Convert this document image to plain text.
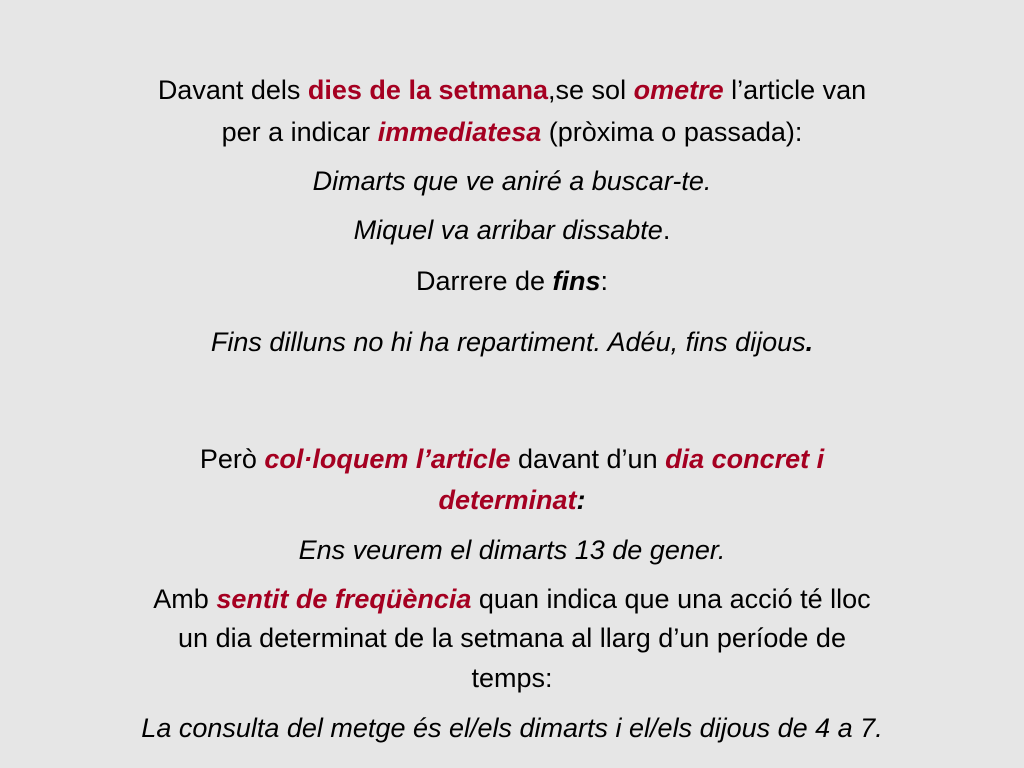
Davant dels dies de la setmana,se sol ometre l’article van
per a indicar immediatesa (pròxima o passada):
Dimarts que ve aniré a buscar-te.
Miquel va arribar dissabte.
Darrere de fins:
Fins dilluns no hi ha repartiment. Adéu, fins dijous.
Però col·loquem l’article davant d’un dia concret i
determinat:
Ens veurem el dimarts 13 de gener.
Amb sentit de freqüència quan indica que una acció té lloc
un dia determinat de la setmana al llarg d’un període de
temps:
La consulta del metge és el/els dimarts i el/els dijous de 4 a 7.
